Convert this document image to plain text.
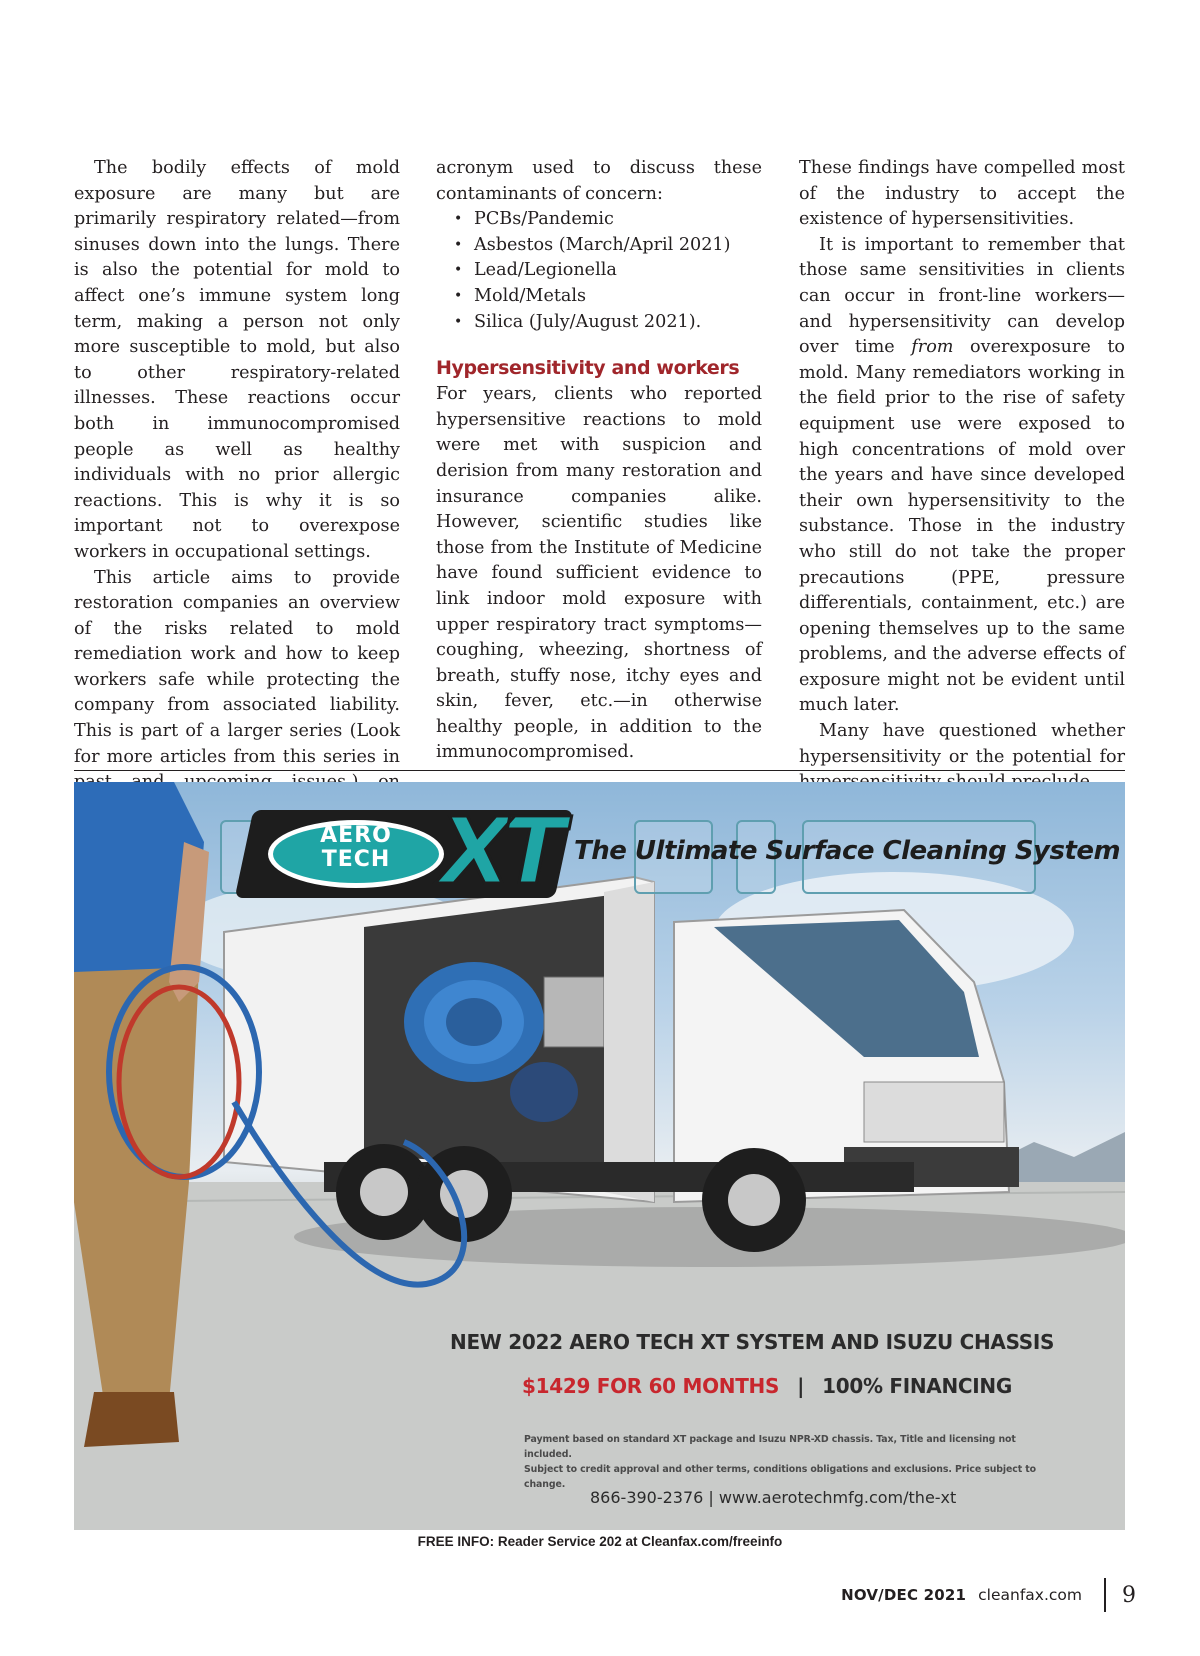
The bodily effects of mold exposure are many but are primarily respiratory related—from sinuses down into the lungs. There is also the potential for mold to affect one’s immune system long term, making a person not only more susceptible to mold, but also to other respiratory-related illnesses. These reactions occur both in immunocompromised people as well as healthy individuals with no prior allergic reactions. This is why it is so important not to overexpose workers in occupational settings.

This article aims to provide restoration companies an overview of the risks related to mold remediation work and how to keep workers safe while protecting the company from associated liability. This is part of a larger series (Look for more articles from this series in

acronym used to discuss these contaminants of concern:

• PCBs/Pandemic
• Asbestos (March/April 2021)
• Lead/Legionella
• Mold/Metals
• Silica (July/August 2021).
Hypersensitivity and workers

For years, clients who reported hypersensitive reactions to mold were met with suspicion and derision from many restoration and insurance companies alike. However, scientific studies like those from the Institute of Medicine have found sufficient evidence to link indoor mold exposure with upper respiratory tract symptoms—coughing, wheezing, shortness of breath, stuffy nose, itchy eyes and skin, fever, etc.—in otherwise healthy people, in addition to the immunocompromised.

These findings have compelled most of the industry to accept the existence of hypersensitivities.

It is important to remember that those same sensitivities in clients can occur in front-line workers—and hypersensitivity can develop over time from overexposure to mold. Many remediators working in the field prior to the rise of safety equipment use were exposed to high concentrations of mold over the years and have since developed their own hypersensitivity to the substance. Those in the industry who still do not take the proper precautions (PPE, pressure differentials, containment, etc.) are opening themselves up to the same problems, and the adverse effects of exposure might not be evident until much later.

Many have questioned whether hypersensitivity or the potential for

AERO
TECH XT The Ultimate Surface Cleaning System
NEW 2022 AERO TECH XT SYSTEM AND ISUZU CHASSIS
$1429 FOR 60 MONTHS | 100% FINANCING
Payment based on standard XT package and Isuzu NPR-XD chassis. Tax, Title and licensing not included.
Subject to credit approval and other terms, conditions obligations and exclusions. Price subject to change.
866-390-2376 | www.aerotechmfg.com/the-xt
FREE INFO: Reader Service 202 at Cleanfax.com/freeinfo
NOV/DEC 2021 cleanfax.com 9
